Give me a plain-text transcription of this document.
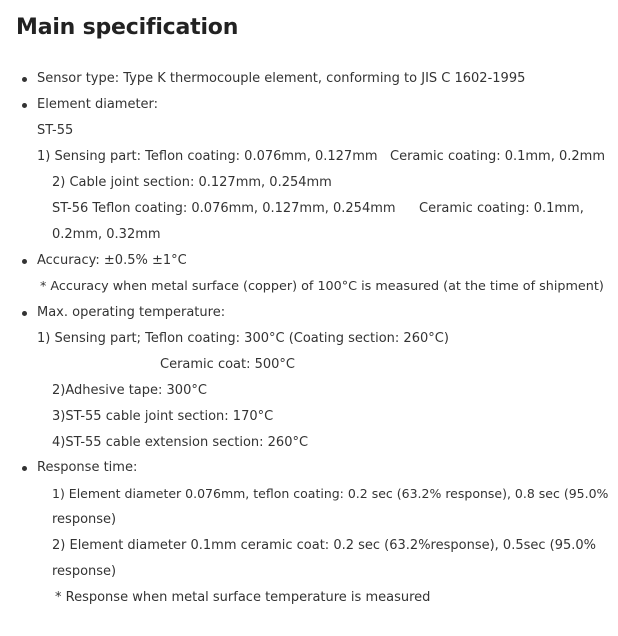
Main specification
Sensor type: Type K thermocouple element, conforming to JIS C 1602-1995
Element diameter:
ST-55
1) Sensing part: Teflon coating: 0.076mm, 0.127mm Ceramic coating: 0.1mm, 0.2mm
2) Cable joint section: 0.127mm, 0.254mm
ST-56 Teflon coating: 0.076mm, 0.127mm, 0.254mm Ceramic coating: 0.1mm,
0.2mm, 0.32mm
Accuracy: ±0.5% ±1°C
* Accuracy when metal surface (copper) of 100°C is measured (at the time of shipment)
Max. operating temperature:
1) Sensing part; Teflon coating: 300°C (Coating section: 260°C)
Ceramic coat: 500°C
2)Adhesive tape: 300°C
3)ST-55 cable joint section: 170°C
4)ST-55 cable extension section: 260°C
Response time:
1) Element diameter 0.076mm, teflon coating: 0.2 sec (63.2% response), 0.8 sec (95.0%
response)
2) Element diameter 0.1mm ceramic coat: 0.2 sec (63.2%response), 0.5sec (95.0%
response)
* Response when metal surface temperature is measured
